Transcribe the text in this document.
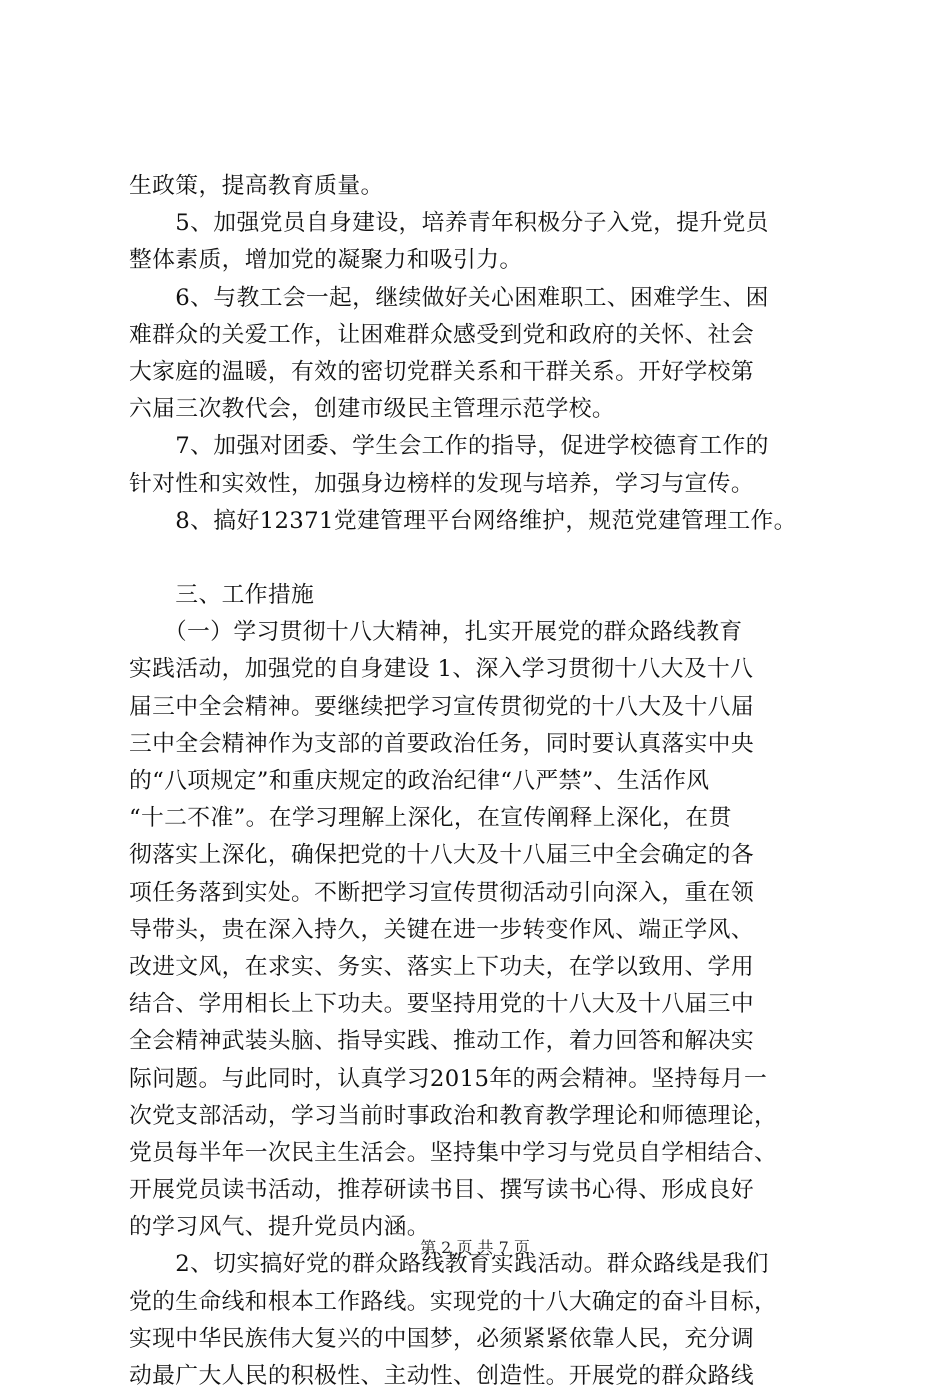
生政策，提高教育质量。
　　5、加强党员自身建设，培养青年积极分子入党，提升党员
整体素质，增加党的凝聚力和吸引力。
　　6、与教工会一起，继续做好关心困难职工、困难学生、困
难群众的关爱工作，让困难群众感受到党和政府的关怀、社会
大家庭的温暖，有效的密切党群关系和干群关系。开好学校第
六届三次教代会，创建市级民主管理示范学校。
　　7、加强对团委、学生会工作的指导，促进学校德育工作的
针对性和实效性，加强身边榜样的发现与培养，学习与宣传。
　　8、搞好12371党建管理平台网络维护，规范党建管理工作。
　　三、工作措施
　　（一）学习贯彻十八大精神，扎实开展党的群众路线教育
实践活动，加强党的自身建设 1、深入学习贯彻十八大及十八
届三中全会精神。要继续把学习宣传贯彻党的十八大及十八届
三中全会精神作为支部的首要政治任务，同时要认真落实中央
的“八项规定”和重庆规定的政治纪律“八严禁”、生活作风
“十二不准”。在学习理解上深化，在宣传阐释上深化，在贯
彻落实上深化，确保把党的十八大及十八届三中全会确定的各
项任务落到实处。不断把学习宣传贯彻活动引向深入，重在领
导带头，贵在深入持久，关键在进一步转变作风、端正学风、
改进文风，在求实、务实、落实上下功夫，在学以致用、学用
结合、学用相长上下功夫。要坚持用党的十八大及十八届三中
全会精神武装头脑、指导实践、推动工作，着力回答和解决实
际问题。与此同时，认真学习2015年的两会精神。坚持每月一
次党支部活动，学习当前时事政治和教育教学理论和师德理论，
党员每半年一次民主生活会。坚持集中学习与党员自学相结合、
开展党员读书活动，推荐研读书目、撰写读书心得、形成良好
的学习风气、提升党员内涵。
　　2、切实搞好党的群众路线教育实践活动。群众路线是我们
党的生命线和根本工作路线。实现党的十八大确定的奋斗目标，
实现中华民族伟大复兴的中国梦，必须紧紧依靠人民，充分调
动最广大人民的积极性、主动性、创造性。开展党的群众路线
第 2 页 共 7 页
